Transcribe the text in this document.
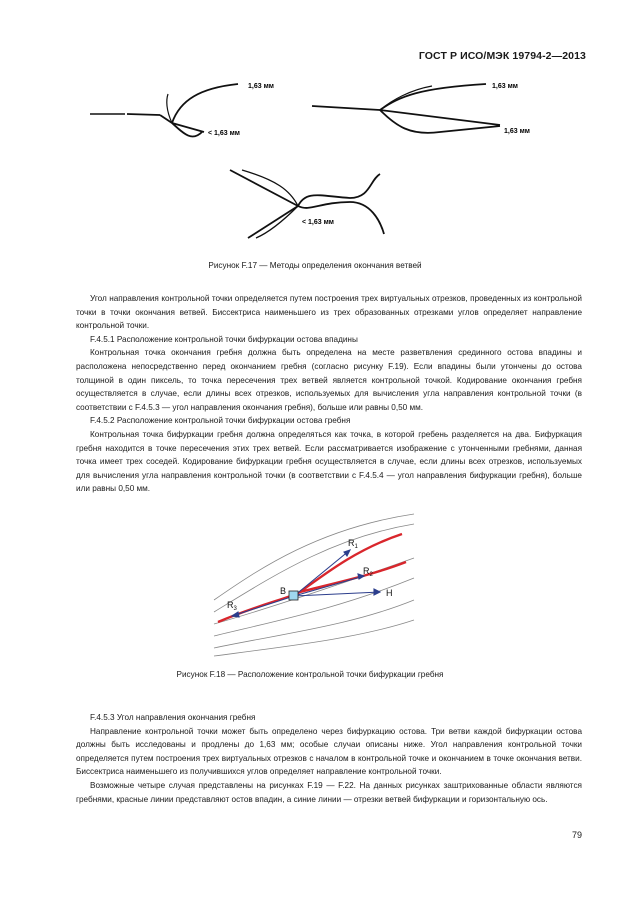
ГОСТ Р ИСО/МЭК 19794-2—2013
1,63 мм
< 1,63 мм
1,63 мм
1,63 мм
< 1,63 мм
Рисунок F.17 — Методы определения окончания ветвей

Угол направления контрольной точки определяется путем построения трех виртуальных отрезков, проведенных из контрольной точки в точки окончания ветвей. Биссектриса наименьшего из трех образованных отрезками углов определяет направление контрольной точки.

F.4.5.1 Расположение контрольной точки бифуркации остова впадины

Контрольная точка окончания гребня должна быть определена на месте разветвления срединного остова впадины и расположена непосредственно перед окончанием гребня (согласно рисунку F.19). Если впадины были утончены до остова толщиной в один пиксель, то точка пересечения трех ветвей является контрольной точкой. Кодирование окончания гребня осуществляется в случае, если длины всех отрезков, используемых для вычисления угла направления контрольной точки (в соответствии с F.4.5.3 — угол направления окончания гребня), больше или равны 0,50 мм.

F.4.5.2 Расположение контрольной точки бифуркации остова гребня

Контрольная точка бифуркации гребня должна определяться как точка, в которой гребень разделяется на два. Бифуркация гребня находится в точке пересечения этих трех ветвей. Если рассматривается изображение с утонченными гребнями, данная точка имеет трех соседей. Кодирование бифуркации гребня осуществляется в случае, если длины всех отрезков, используемых для вычисления угла направления контрольной точки (в соответствии с F.4.5.4 — угол направления бифуркации гребня), больше или равны 0,50 мм.

$R_1$
$R_2$
$R_3$
B	H
Рисунок F.18 — Расположение контрольной точки бифуркации гребня

F.4.5.3 Угол направления окончания гребня

Направление контрольной точки может быть определено через бифуркацию остова. Три ветви каждой бифуркации остова должны быть исследованы и продлены до 1,63 мм; особые случаи описаны ниже. Угол направления контрольной точки определяется путем построения трех виртуальных отрезков с началом в контрольной точке и окончанием в точке окончания ветви. Биссектриса наименьшего из получившихся углов определяет направление контрольной точки.

Возможные четыре случая представлены на рисунках F.19 — F.22. На данных рисунках заштрихованные области являются гребнями, красные линии представляют остов впадин, а синие линии — отрезки ветвей бифуркации и горизонтальную ось.

79
